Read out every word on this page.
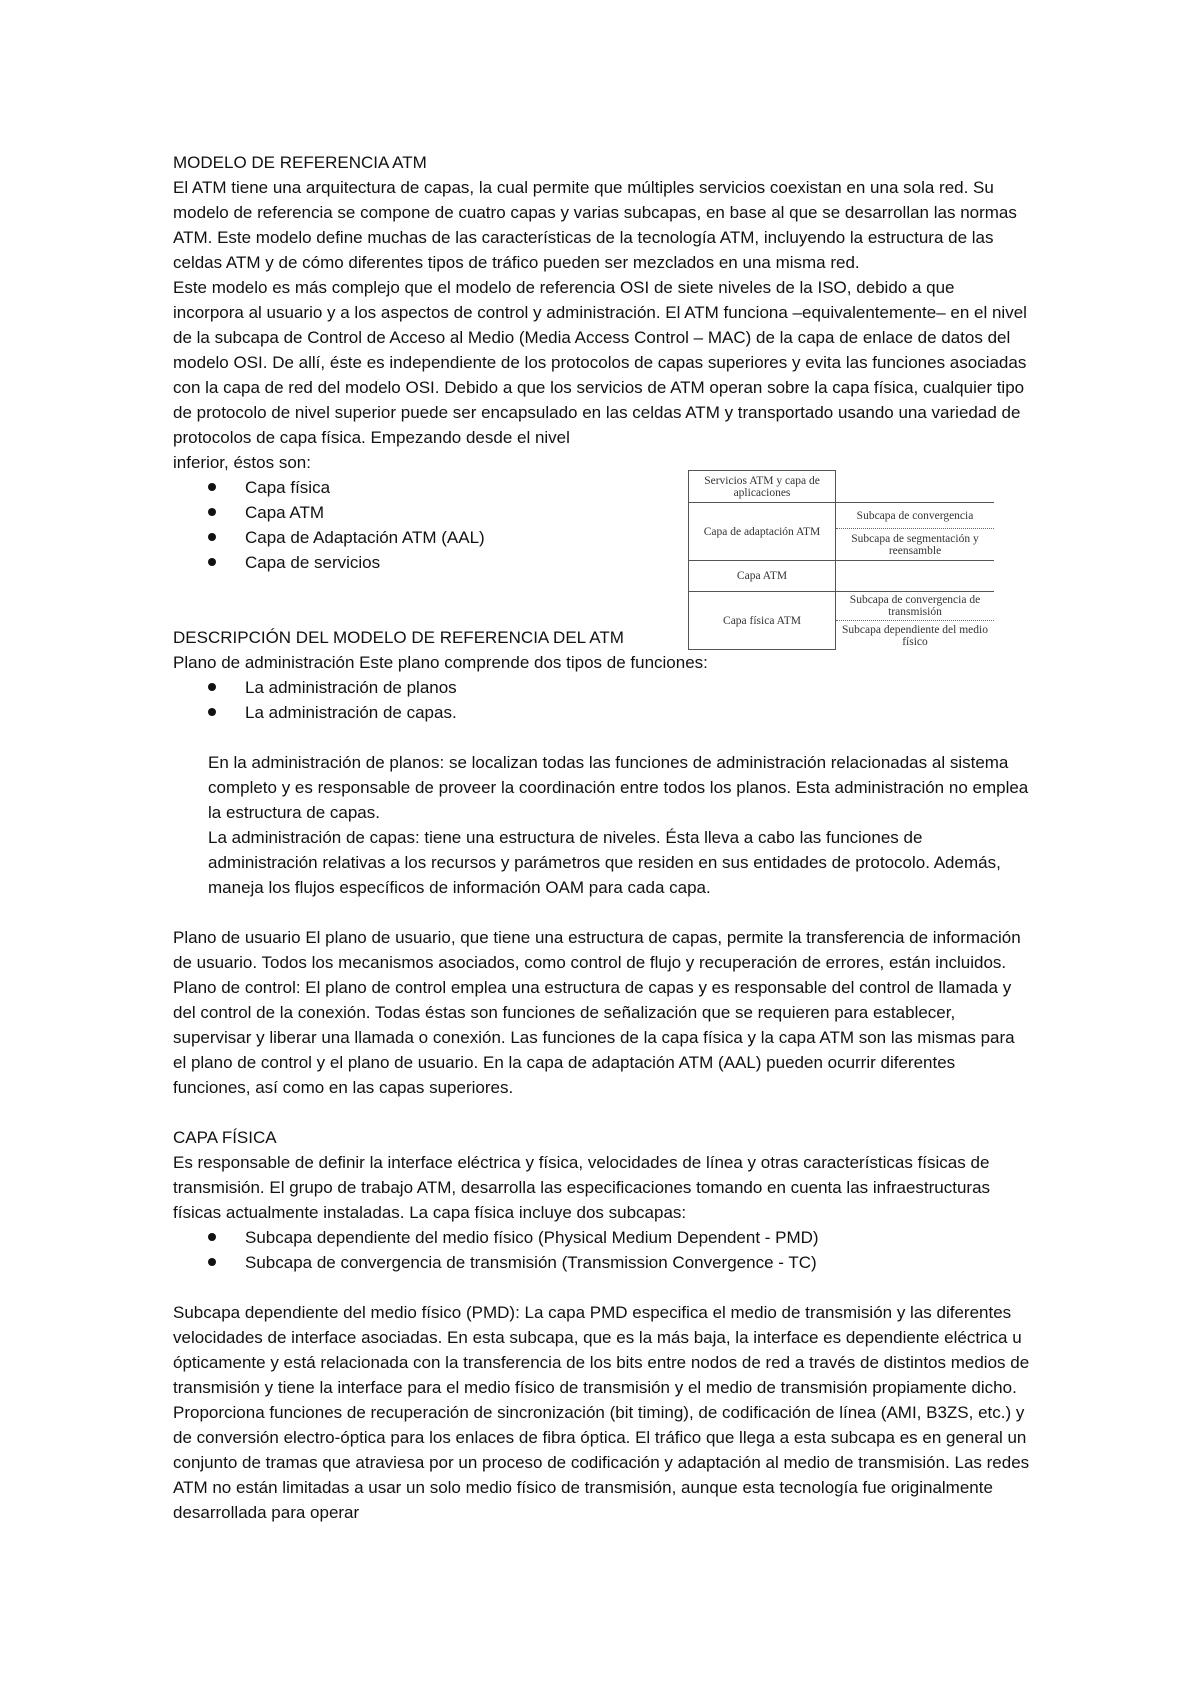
MODELO DE REFERENCIA ATM

El ATM tiene una arquitectura de capas, la cual permite que múltiples servicios coexistan en una sola red. Su modelo de referencia se compone de cuatro capas y varias subcapas, en base al que se desarrollan las normas ATM. Este modelo define muchas de las características de la tecnología ATM, incluyendo la estructura de las celdas ATM y de cómo diferentes tipos de tráfico pueden ser mezclados en una misma red.

Este modelo es más complejo que el modelo de referencia OSI de siete niveles de la ISO, debido a que incorpora al usuario y a los aspectos de control y administración. El ATM funciona –equivalentemente– en el nivel de la subcapa de Control de Acceso al Medio (Media Access Control – MAC) de la capa de enlace de datos del modelo OSI. De allí, éste es independiente de los protocolos de capas superiores y evita las funciones asociadas con la capa de red del modelo OSI. Debido a que los servicios de ATM operan sobre la capa física, cualquier tipo de protocolo de nivel superior puede ser encapsulado en las celdas ATM y transportado usando una variedad de protocolos de capa física. Empezando desde el nivel

inferior, éstos son:

Capa física
Capa ATM
Capa de Adaptación ATM (AAL)
Capa de servicios

DESCRIPCIÓN DEL MODELO DE REFERENCIA DEL ATM

Plano de administración Este plano comprende dos tipos de funciones:

La administración de planos
La administración de capas.

En la administración de planos: se localizan todas las funciones de administración relacionadas al sistema completo y es responsable de proveer la coordinación entre todos los planos. Esta administración no emplea la estructura de capas.

La administración de capas: tiene una estructura de niveles. Ésta lleva a cabo las funciones de administración relativas a los recursos y parámetros que residen en sus entidades de protocolo. Además, maneja los flujos específicos de información OAM para cada capa.

Plano de usuario El plano de usuario, que tiene una estructura de capas, permite la transferencia de información de usuario. Todos los mecanismos asociados, como control de flujo y recuperación de errores, están incluidos.

Plano de control: El plano de control emplea una estructura de capas y es responsable del control de llamada y del control de la conexión. Todas éstas son funciones de señalización que se requieren para establecer, supervisar y liberar una llamada o conexión. Las funciones de la capa física y la capa ATM son las mismas para el plano de control y el plano de usuario. En la capa de adaptación ATM (AAL) pueden ocurrir diferentes funciones, así como en las capas superiores.

CAPA FÍSICA

Es responsable de definir la interface eléctrica y física, velocidades de línea y otras características físicas de transmisión. El grupo de trabajo ATM, desarrolla las especificaciones tomando en cuenta las infraestructuras físicas actualmente instaladas. La capa física incluye dos subcapas:

Subcapa dependiente del medio físico (Physical Medium Dependent - PMD)
Subcapa de convergencia de transmisión (Transmission Convergence - TC)

Subcapa dependiente del medio físico (PMD): La capa PMD especifica el medio de transmisión y las diferentes velocidades de interface asociadas. En esta subcapa, que es la más baja, la interface es dependiente eléctrica u ópticamente y está relacionada con la transferencia de los bits entre nodos de red a través de distintos medios de transmisión y tiene la interface para el medio físico de transmisión y el medio de transmisión propiamente dicho. Proporciona funciones de recuperación de sincronización (bit timing), de codificación de línea (AMI, B3ZS, etc.) y de conversión electro-óptica para los enlaces de fibra óptica. El tráfico que llega a esta subcapa es en general un conjunto de tramas que atraviesa por un proceso de codificación y adaptación al medio de transmisión. Las redes ATM no están limitadas a usar un solo medio físico de transmisión, aunque esta tecnología fue originalmente desarrollada para operar

Servicios ATM y capa de aplicaciones
Capa de adaptación ATM
Capa ATM
Capa física ATM
Subcapa de convergencia
Subcapa de segmentación y reensamble
Subcapa de convergencia de transmisión
Subcapa dependiente del medio físico
